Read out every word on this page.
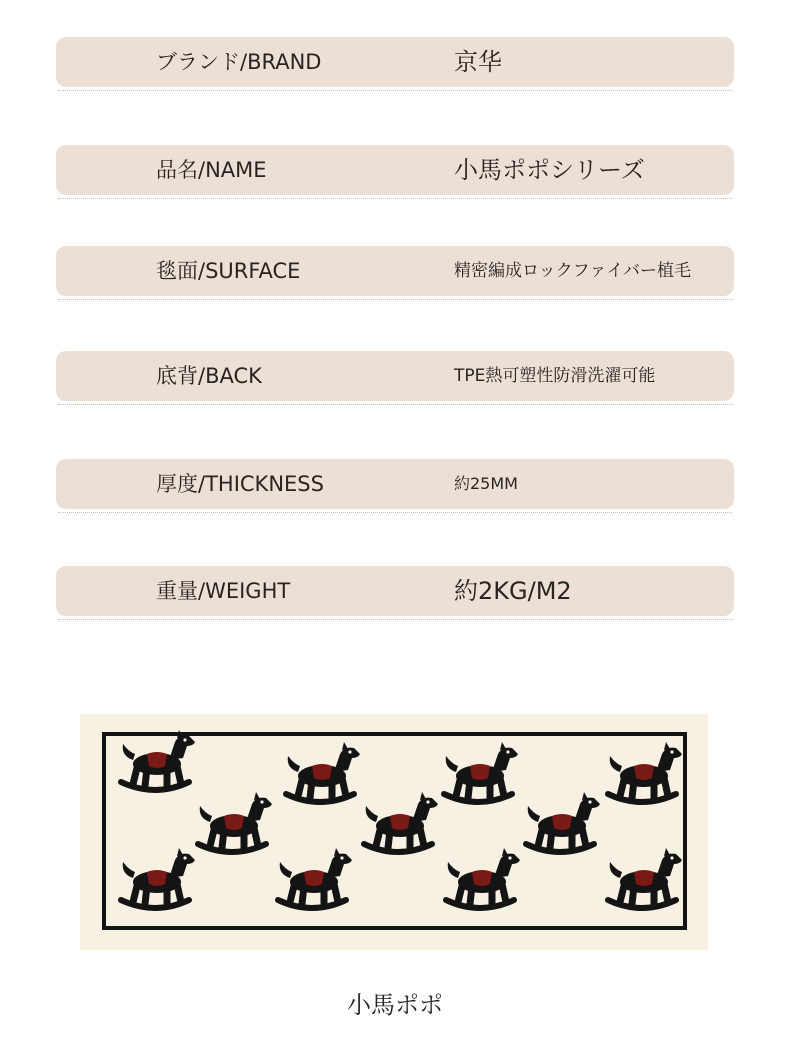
ブランド/BRAND	京华
品名/NAME	小馬ポポシリーズ
毯面/SURFACE	精密編成ロックファイバー植毛
底背/BACK	TPE熱可塑性防滑洗濯可能
厚度/THICKNESS	約25MM
重量/WEIGHT	約2KG/M2
小馬ポポ
